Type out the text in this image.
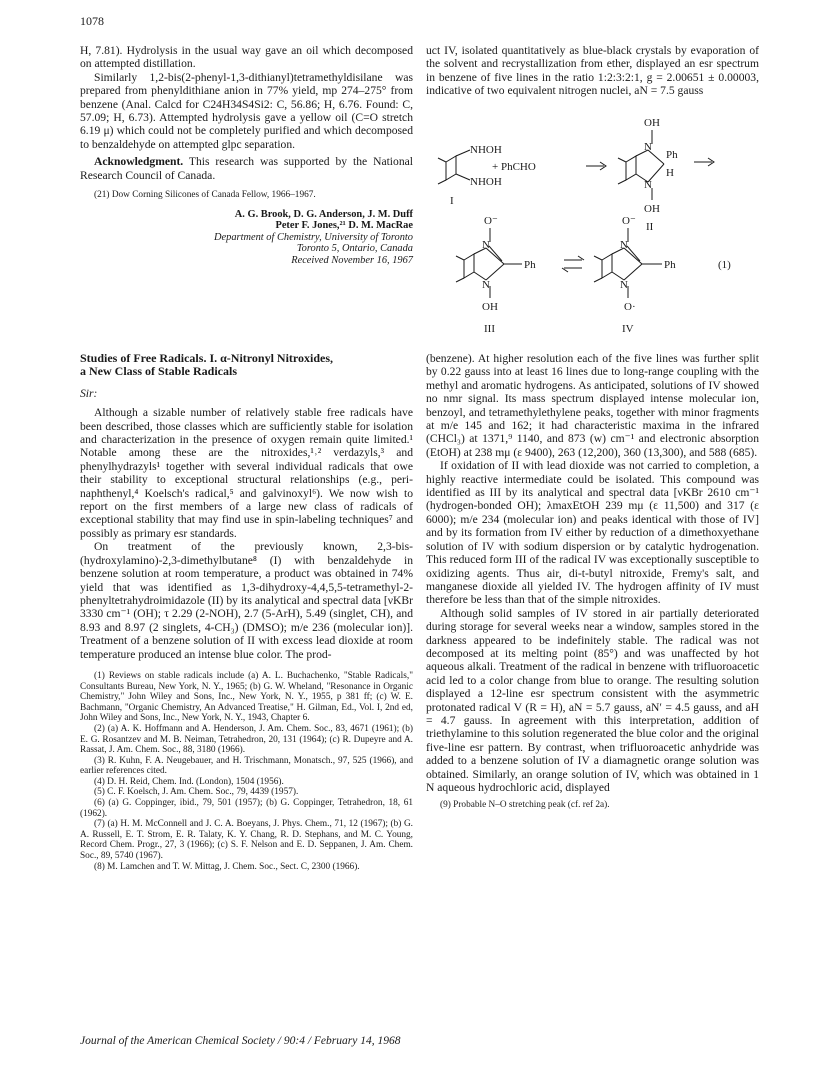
1078

H, 7.81). Hydrolysis in the usual way gave an oil which decomposed on attempted distillation.

Similarly 1,2-bis(2-phenyl-1,3-dithianyl)tetramethyldisilane was prepared from phenyldithiane anion in 77% yield, mp 274–275° from benzene (Anal. Calcd for C24H34S4Si2: C, 56.86; H, 6.76. Found: C, 57.09; H, 6.73). Attempted hydrolysis gave a yellow oil (C=O stretch 6.19 μ) which could not be completely purified and which decomposed to benzaldehyde on attempted glpc separation.

Acknowledgment. This research was supported by the National Research Council of Canada.

(21) Dow Corning Silicones of Canada Fellow, 1966–1967.

A. G. Brook, D. G. Anderson, J. M. Duff
Peter F. Jones,²¹ D. M. MacRae
Department of Chemistry, University of Toronto
Toronto 5, Ontario, Canada
Received November 16, 1967

uct IV, isolated quantitatively as blue-black crystals by evaporation of the solvent and recrystallization from ether, displayed an esr spectrum in benzene of five lines in the ratio 1:2:3:2:1, g = 2.00651 ± 0.00003, indicative of two equivalent nitrogen nuclei, aN = 7.5 gauss

NHOH
NHOH
I
+ PhCHO
OH
N
Ph
H
N
OH
II
O⁻
N
Ph
N
OH
III
O⁻
N
Ph
N
O·
IV
(1)
Studies of Free Radicals. I. α-Nitronyl Nitroxides,
a New Class of Stable Radicals

Sir:

Although a sizable number of relatively stable free radicals have been described, those classes which are sufficiently stable for isolation and characterization in the presence of oxygen remain quite limited.¹ Notable among these are the nitroxides,¹˒² verdazyls,³ and phenylhydrazyls¹ together with several individual radicals that owe their stability to exceptional structural relationships (e.g., peri-naphthenyl,⁴ Koelsch's radical,⁵ and galvinoxyl⁶). We now wish to report on the first members of a large new class of radicals of exceptional stability that may find use in spin-labeling techniques⁷ and possibly as primary esr standards.

On treatment of the previously known, 2,3-bis-(hydroxylamino)-2,3-dimethylbutane⁸ (I) with benzaldehyde in benzene solution at room temperature, a product was obtained in 74% yield that was identified as 1,3-dihydroxy-4,4,5,5-tetramethyl-2-phenyltetrahydroimidazole (II) by its analytical and spectral data [νKBr 3330 cm⁻¹ (OH); τ 2.29 (2-NOH), 2.7 (5-ArH), 5.49 (singlet, CH), and 8.93 and 8.97 (2 singlets, 4-CH₃) (DMSO); m/e 236 (molecular ion)]. Treatment of a benzene solution of II with excess lead dioxide at room temperature produced an intense blue color. The prod-

(1) Reviews on stable radicals include (a) A. L. Buchachenko, "Stable Radicals," Consultants Bureau, New York, N. Y., 1965; (b) G. W. Wheland, "Resonance in Organic Chemistry," John Wiley and Sons, Inc., New York, N. Y., 1955, p 381 ff; (c) W. E. Bachmann, "Organic Chemistry, An Advanced Treatise," H. Gilman, Ed., Vol. I, 2nd ed, John Wiley and Sons, Inc., New York, N. Y., 1943, Chapter 6.

(2) (a) A. K. Hoffmann and A. Henderson, J. Am. Chem. Soc., 83, 4671 (1961); (b) E. G. Rosantzev and M. B. Neiman, Tetrahedron, 20, 131 (1964); (c) R. Dupeyre and A. Rassat, J. Am. Chem. Soc., 88, 3180 (1966).

(3) R. Kuhn, F. A. Neugebauer, and H. Trischmann, Monatsch., 97, 525 (1966), and earlier references cited.

(4) D. H. Reid, Chem. Ind. (London), 1504 (1956).

(5) C. F. Koelsch, J. Am. Chem. Soc., 79, 4439 (1957).

(6) (a) G. Coppinger, ibid., 79, 501 (1957); (b) G. Coppinger, Tetrahedron, 18, 61 (1962).

(7) (a) H. M. McConnell and J. C. A. Boeyans, J. Phys. Chem., 71, 12 (1967); (b) G. A. Russell, E. T. Strom, E. R. Talaty, K. Y. Chang, R. D. Stephans, and M. C. Young, Record Chem. Progr., 27, 3 (1966); (c) S. F. Nelson and E. D. Seppanen, J. Am. Chem. Soc., 89, 5740 (1967).

(8) M. Lamchen and T. W. Mittag, J. Chem. Soc., Sect. C, 2300 (1966).

(benzene). At higher resolution each of the five lines was further split by 0.22 gauss into at least 16 lines due to long-range coupling with the methyl and aromatic hydrogens. As anticipated, solutions of IV showed no nmr signal. Its mass spectrum displayed intense molecular ion, benzoyl, and tetramethylethylene peaks, together with minor fragments at m/e 145 and 162; it had characteristic maxima in the infrared (CHCl₃) at 1371,⁹ 1140, and 873 (w) cm⁻¹ and electronic absorption (EtOH) at 238 mμ (ε 9400), 263 (12,200), 360 (13,300), and 588 (685).

If oxidation of II with lead dioxide was not carried to completion, a highly reactive intermediate could be isolated. This compound was identified as III by its analytical and spectral data [νKBr 2610 cm⁻¹ (hydrogen-bonded OH); λmaxEtOH 239 mμ (ε 11,500) and 317 (ε 6000); m/e 234 (molecular ion) and peaks identical with those of IV] and by its formation from IV either by reduction of a dimethoxyethane solution of IV with sodium dispersion or by catalytic hydrogenation. This reduced form III of the radical IV was exceptionally susceptible to oxidizing agents. Thus air, di-t-butyl nitroxide, Fremy's salt, and manganese dioxide all yielded IV. The hydrogen affinity of IV must therefore be less than that of the simple nitroxides.

Although solid samples of IV stored in air partially deteriorated during storage for several weeks near a window, samples stored in the darkness appeared to be indefinitely stable. The radical was not decomposed at its melting point (85°) and was unaffected by hot aqueous alkali. Treatment of the radical in benzene with trifluoroacetic acid led to a color change from blue to orange. The resulting solution displayed a 12-line esr spectrum consistent with the asymmetric protonated radical V (R = H), aN = 5.7 gauss, aN′ = 4.5 gauss, and aH = 4.7 gauss. In agreement with this interpretation, addition of triethylamine to this solution regenerated the blue color and the original five-line esr pattern. By contrast, when trifluoroacetic anhydride was added to a benzene solution of IV a diamagnetic orange solution was obtained. Similarly, an orange solution of IV, which was obtained in 1 N aqueous hydrochloric acid, displayed

(9) Probable N–O stretching peak (cf. ref 2a).

Journal of the American Chemical Society / 90:4 / February 14, 1968
